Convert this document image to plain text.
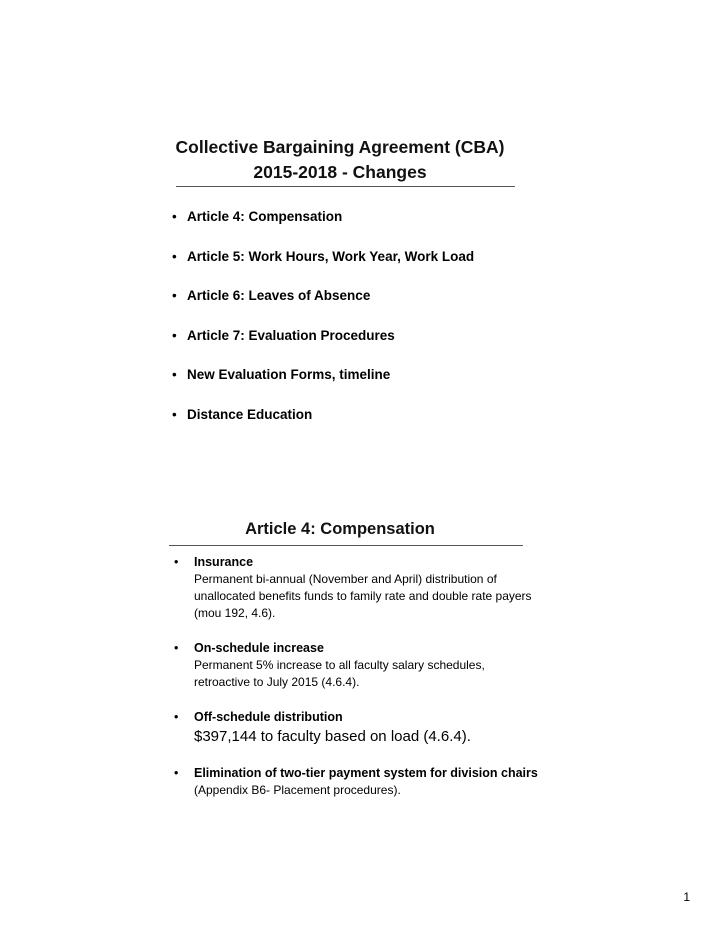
Collective Bargaining Agreement (CBA)
2015-2018 - Changes
• Article 4: Compensation
• Article 5: Work Hours, Work Year, Work Load
• Article 6: Leaves of Absence
• Article 7: Evaluation Procedures
• New Evaluation Forms, timeline
• Distance Education
Article 4: Compensation
• Insurance
Permanent bi-annual (November and April) distribution of unallocated benefits funds to family rate and double rate payers (mou 192, 4.6).
• On-schedule increase
Permanent 5% increase to all faculty salary schedules, retroactive to July 2015 (4.6.4).
• Off-schedule distribution
$397,144 to faculty based on load (4.6.4).
• Elimination of two-tier payment system for division chairs (Appendix B6- Placement procedures).
1
